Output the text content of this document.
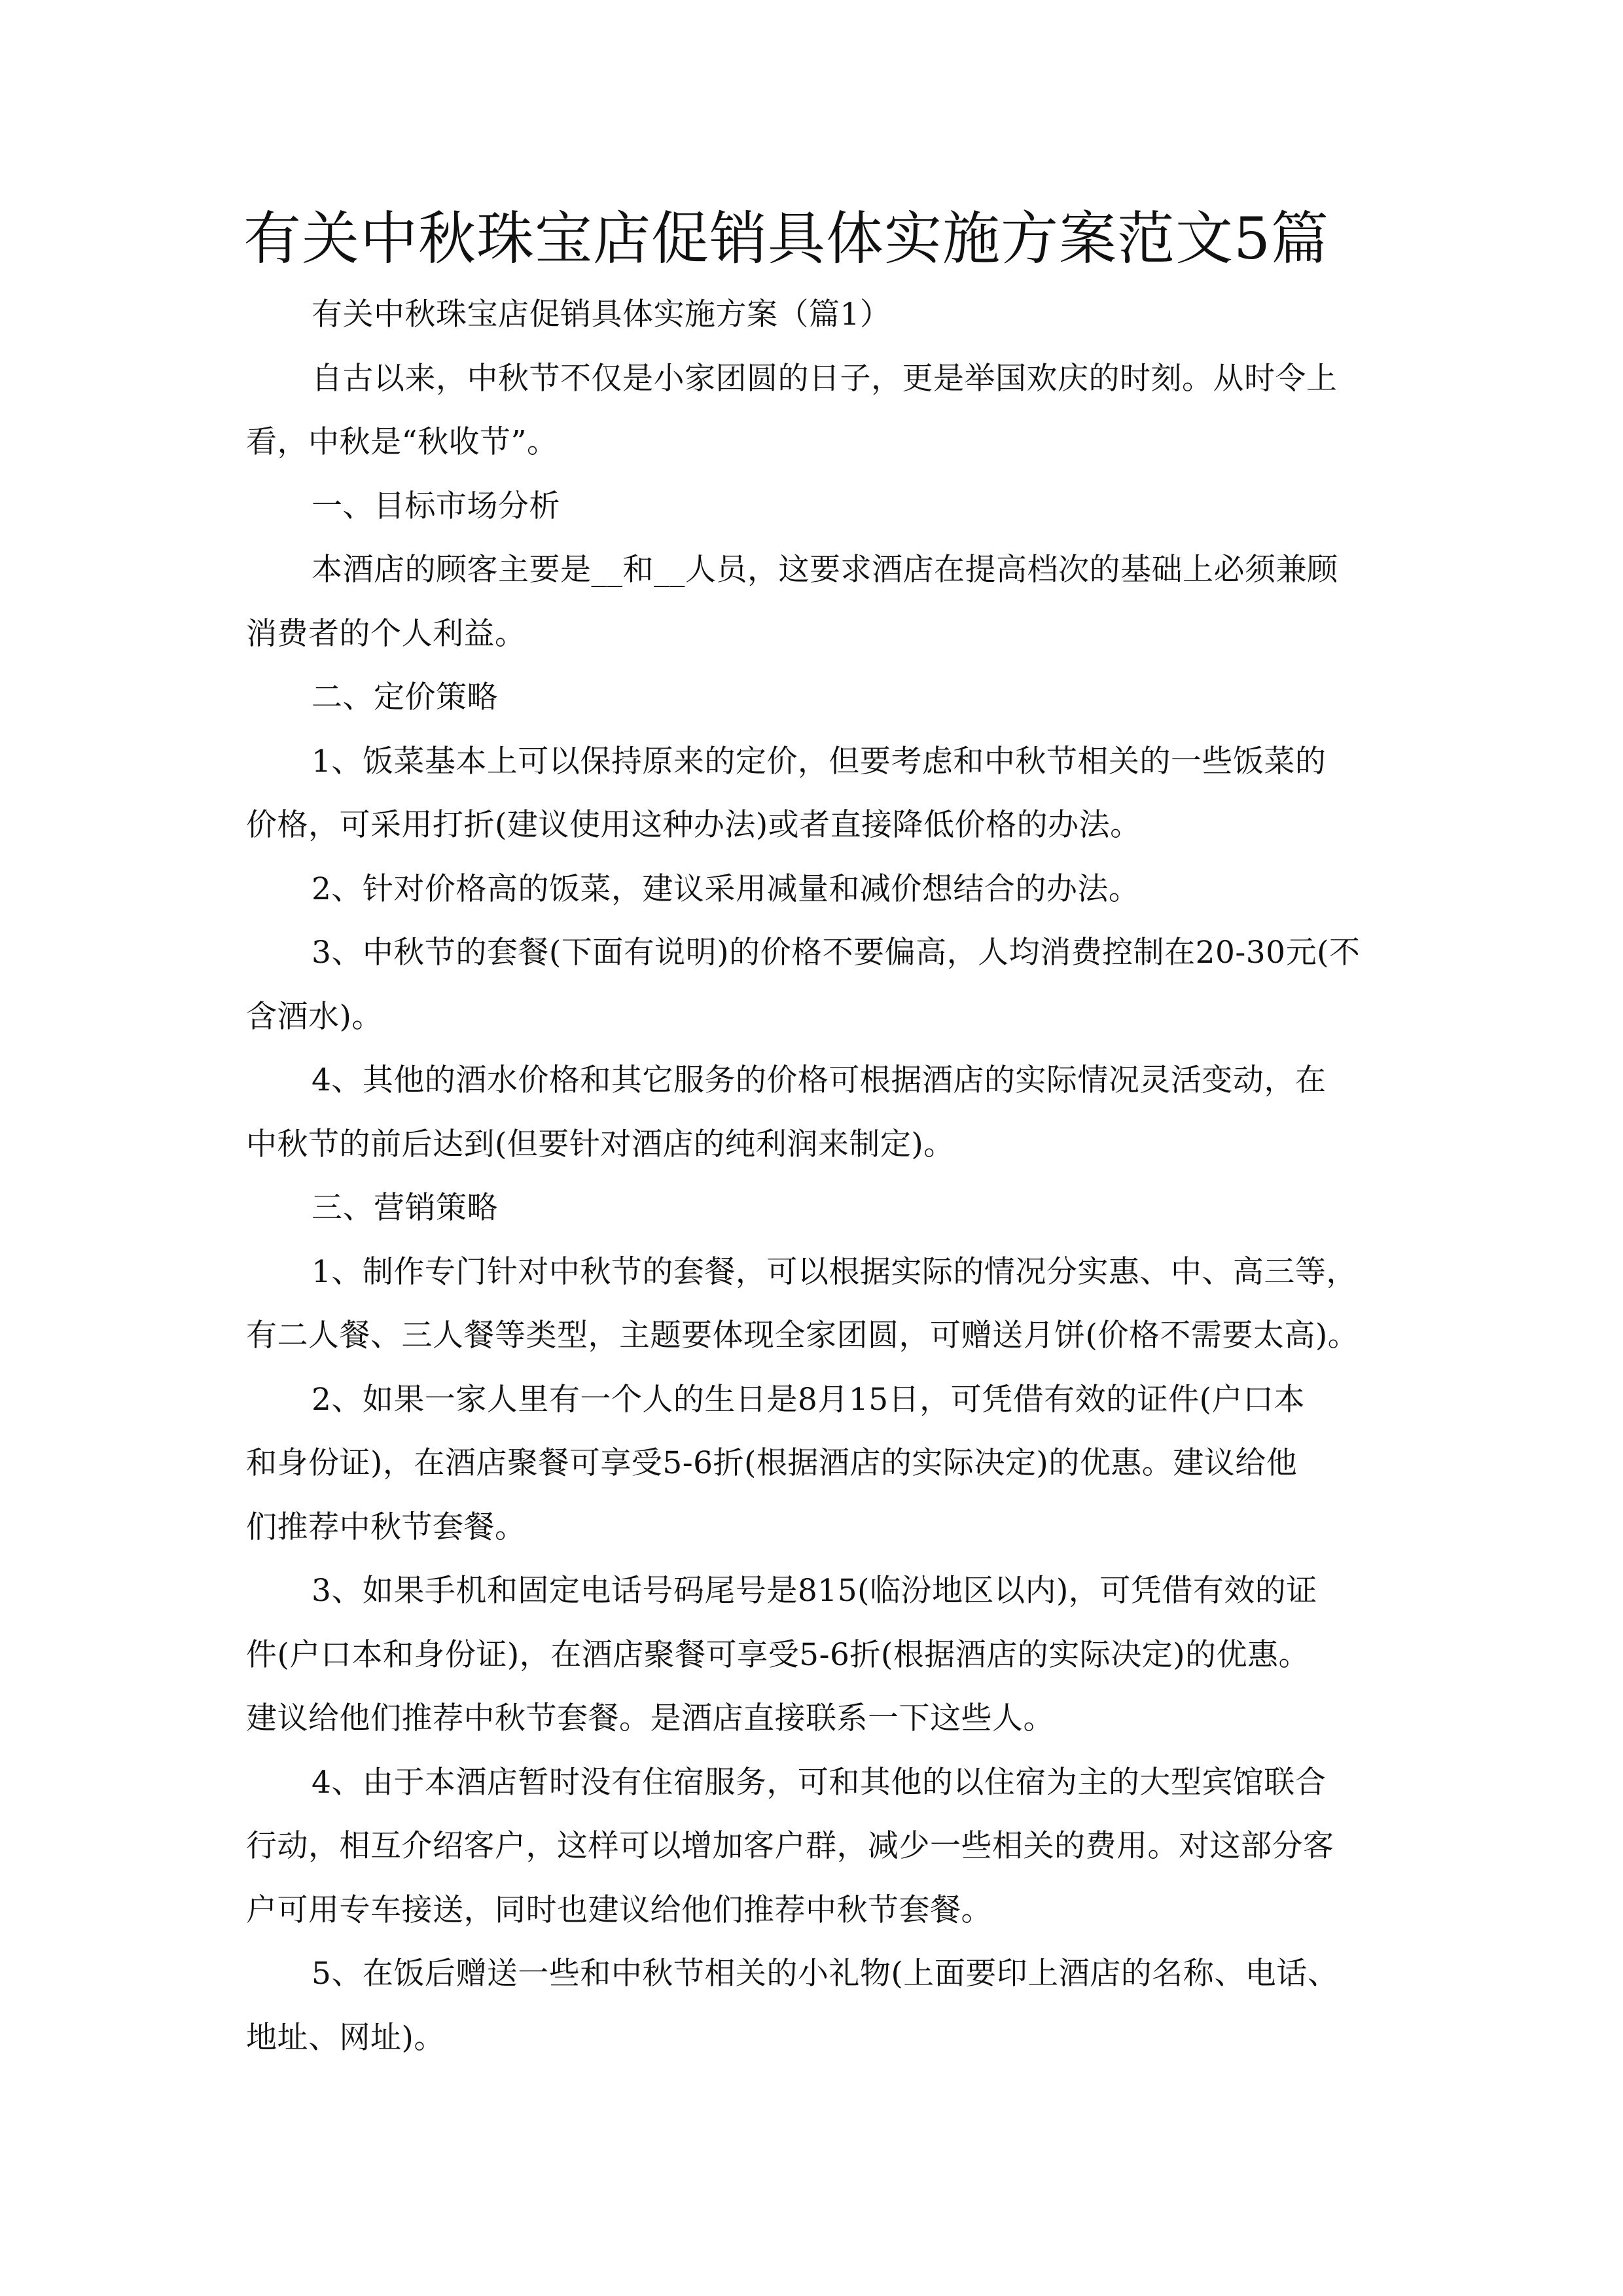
有关中秋珠宝店促销具体实施方案范文5篇
有关中秋珠宝店促销具体实施方案（篇1）
自古以来，中秋节不仅是小家团圆的日子，更是举国欢庆的时刻。从时令上
看，中秋是“秋收节”。
一、目标市场分析
本酒店的顾客主要是__和__人员，这要求酒店在提高档次的基础上必须兼顾
消费者的个人利益。
二、定价策略
1、饭菜基本上可以保持原来的定价，但要考虑和中秋节相关的一些饭菜的
价格，可采用打折(建议使用这种办法)或者直接降低价格的办法。
2、针对价格高的饭菜，建议采用减量和减价想结合的办法。
3、中秋节的套餐(下面有说明)的价格不要偏高，人均消费控制在20-30元(不
含酒水)。
4、其他的酒水价格和其它服务的价格可根据酒店的实际情况灵活变动，在
中秋节的前后达到(但要针对酒店的纯利润来制定)。
三、营销策略
1、制作专门针对中秋节的套餐，可以根据实际的情况分实惠、中、高三等，
有二人餐、三人餐等类型，主题要体现全家团圆，可赠送月饼(价格不需要太高)。
2、如果一家人里有一个人的生日是8月15日，可凭借有效的证件(户口本
和身份证)，在酒店聚餐可享受5-6折(根据酒店的实际决定)的优惠。建议给他
们推荐中秋节套餐。
3、如果手机和固定电话号码尾号是815(临汾地区以内)，可凭借有效的证
件(户口本和身份证)，在酒店聚餐可享受5-6折(根据酒店的实际决定)的优惠。
建议给他们推荐中秋节套餐。是酒店直接联系一下这些人。
4、由于本酒店暂时没有住宿服务，可和其他的以住宿为主的大型宾馆联合
行动，相互介绍客户，这样可以增加客户群，减少一些相关的费用。对这部分客
户可用专车接送，同时也建议给他们推荐中秋节套餐。
5、在饭后赠送一些和中秋节相关的小礼物(上面要印上酒店的名称、电话、
地址、网址)。
